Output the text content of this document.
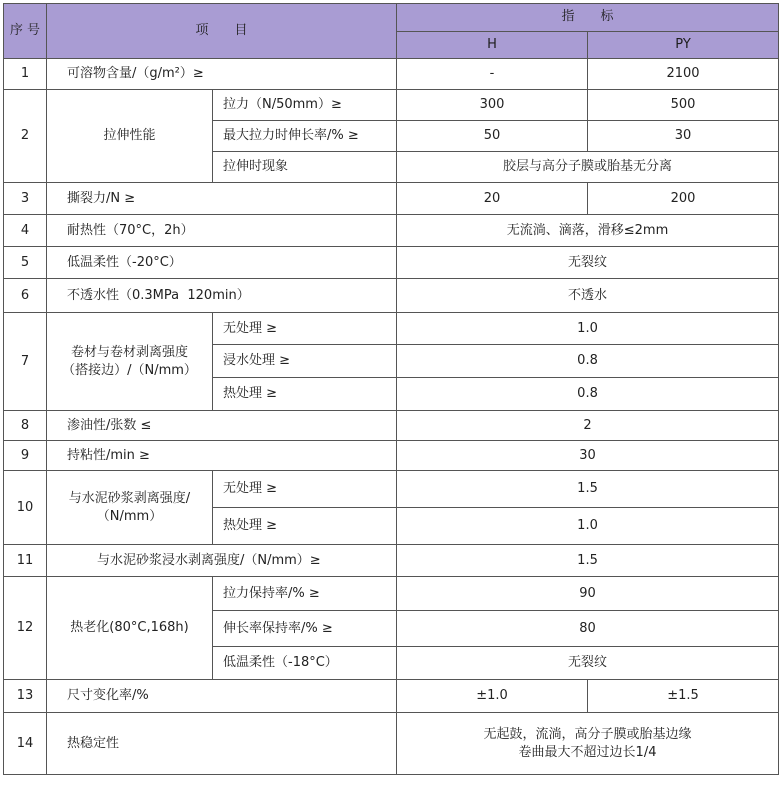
序 号	项　　目		指　　标	
			H	PY
1	可溶物含量/（g/m²）≥		-	2100
2	拉伸性能	拉力（N/50mm）≥	300	500
		最大拉力时伸长率/% ≥	50	30
		拉伸时现象	胶层与高分子膜或胎基无分离	
3	撕裂力/N ≥		20	200
4	耐热性（70°C，2h）		无流淌、滴落，滑移≤2mm	
5	低温柔性（-20°C）		无裂纹	
6	不透水性（0.3MPa  120min）		不透水	
7	卷材与卷材剥离强度
（搭接边）/（N/mm）	无处理 ≥	1.0	
		浸水处理 ≥	0.8	
		热处理 ≥	0.8	
8	渗油性/张数 ≤		2	
9	持粘性/min ≥		30	
10	与水泥砂浆剥离强度/
（N/mm）	无处理 ≥	1.5	
		热处理 ≥	1.0	
11	与水泥砂浆浸水剥离强度/（N/mm）≥		1.5	
12	热老化(80°C,168h)	拉力保持率/% ≥	90	
		伸长率保持率/% ≥	80	
		低温柔性（-18°C）	无裂纹	
13	尺寸变化率/%		±1.0	±1.5
14	热稳定性		无起鼓，流淌，高分子膜或胎基边缘
卷曲最大不超过边长1/4	
